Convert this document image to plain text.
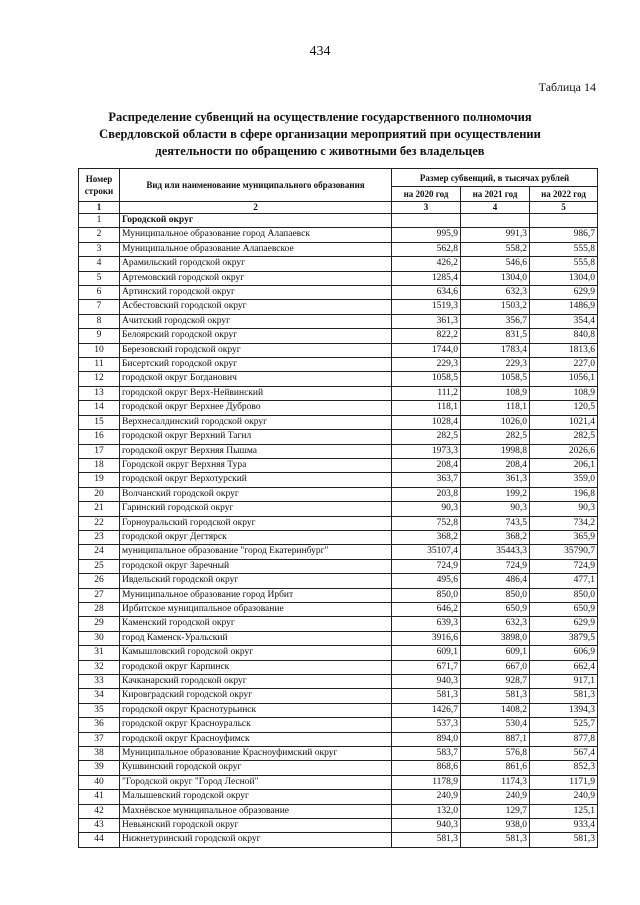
434
Таблица 14
Распределение субвенций на осуществление государственного полномочия
Свердловской области в сфере организации мероприятий при осуществлении
деятельности по обращению с животными без владельцев
Номер строки	Вид или наименование муниципального образования	Размер субвенций, в тысячах рублей		
		на 2020 год	на 2021 год	на 2022 год
1	2	3	4	5
1	Городской округ			
2	Муниципальное образование город Алапаевск	995,9	991,3	986,7
3	Муниципальное образование Алапаевское	562,8	558,2	555,8
4	Арамильский городской округ	426,2	546,6	555,8
5	Артемовский городской округ	1285,4	1304,0	1304,0
6	Артинский городской округ	634,6	632,3	629,9
7	Асбестовский городской округ	1519,3	1503,2	1486,9
8	Ачитский городской округ	361,3	356,7	354,4
9	Белоярский городской округ	822,2	831,5	840,8
10	Березовский городской округ	1744,0	1783,4	1813,6
11	Бисертский городской округ	229,3	229,3	227,0
12	городской округ Богданович	1058,5	1058,5	1056,1
13	городской округ Верх-Нейвинский	111,2	108,9	108,9
14	городской округ Верхнее Дуброво	118,1	118,1	120,5
15	Верхнесалдинский городской округ	1028,4	1026,0	1021,4
16	городской округ Верхний Тагил	282,5	282,5	282,5
17	городской округ Верхняя Пышма	1973,3	1998,8	2026,6
18	Городской округ Верхняя Тура	208,4	208,4	206,1
19	городской округ Верхотурский	363,7	361,3	359,0
20	Волчанский городской округ	203,8	199,2	196,8
21	Гаринский городской округ	90,3	90,3	90,3
22	Горноуральский городской округ	752,8	743,5	734,2
23	городской округ Дегтярск	368,2	368,2	365,9
24	муниципальное образование "город Екатеринбург"	35107,4	35443,3	35790,7
25	городской округ Заречный	724,9	724,9	724,9
26	Ивдельский городской округ	495,6	486,4	477,1
27	Муниципальное образование город Ирбит	850,0	850,0	850,0
28	Ирбитское муниципальное образование	646,2	650,9	650,9
29	Каменский городской округ	639,3	632,3	629,9
30	город Каменск-Уральский	3916,6	3898,0	3879,5
31	Камышловский городской округ	609,1	609,1	606,9
32	городской округ Карпинск	671,7	667,0	662,4
33	Качканарский городской округ	940,3	928,7	917,1
34	Кировградский городской округ	581,3	581,3	581,3
35	городской округ Краснотурьинск	1426,7	1408,2	1394,3
36	городской округ Красноуральск	537,3	530,4	525,7
37	городской округ Красноуфимск	894,0	887,1	877,8
38	Муниципальное образование Красноуфимский округ	583,7	576,8	567,4
39	Кушвинский городской округ	868,6	861,6	852,3
40	"Городской округ "Город Лесной"	1178,9	1174,3	1171,9
41	Малышевский городской округ	240,9	240,9	240,9
42	Махнёвское муниципальное образование	132,0	129,7	125,1
43	Невьянский городской округ	940,3	938,0	933,4
44	Нижнетуринский городской округ	581,3	581,3	581,3
